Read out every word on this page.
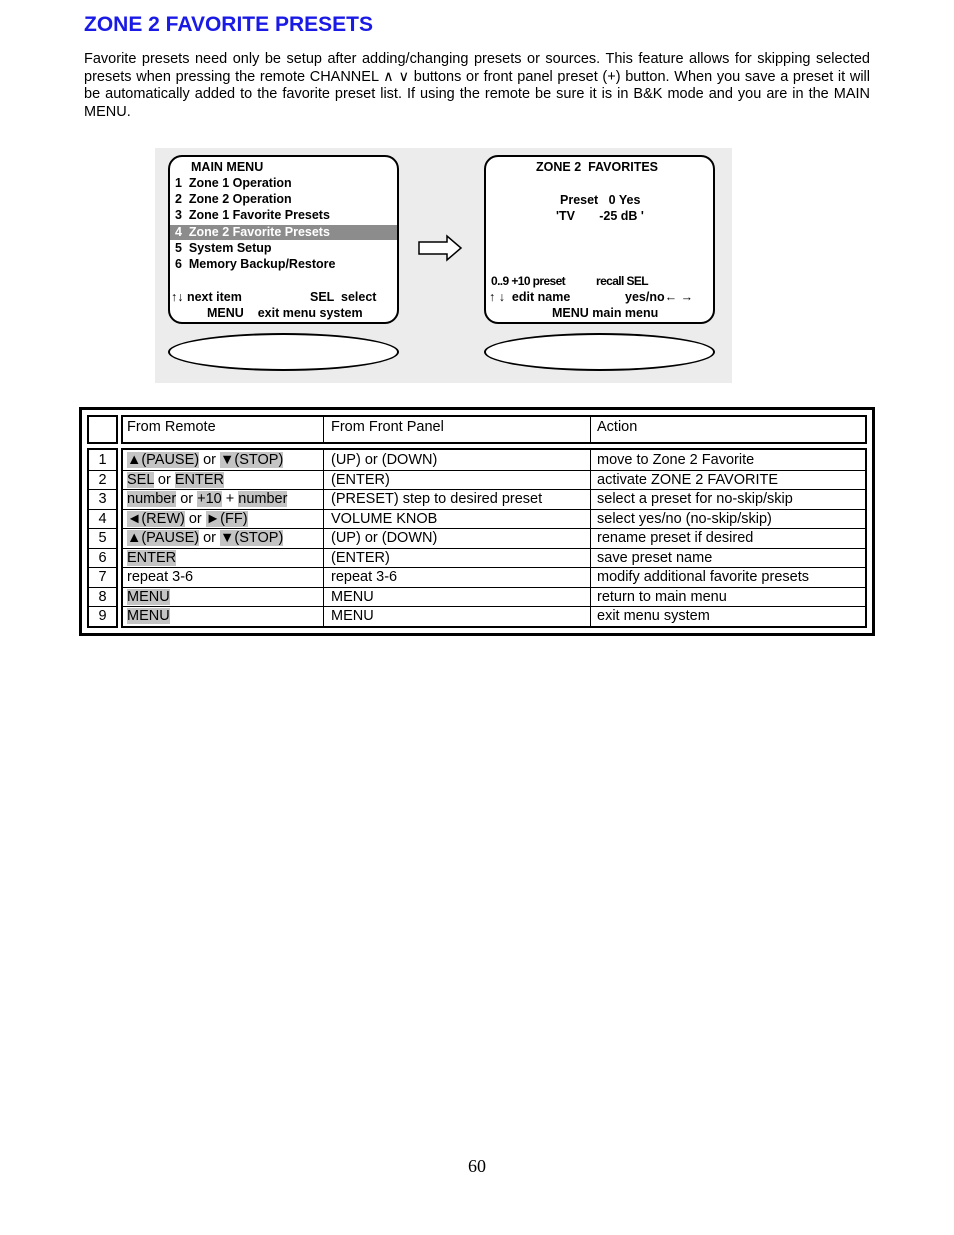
ZONE 2 FAVORITE PRESETS

Favorite presets need only be setup after adding/changing presets or sources. This feature allows for skipping selected presets when pressing the remote CHANNEL ∧ ∨ buttons or front panel preset (+) button. When you save a preset it will be automatically added to the favorite preset list. If using the remote be sure it is in B&K mode and you are in the MAIN MENU.

MAIN MENU
1  Zone 1 Operation
2  Zone 2 Operation
3  Zone 1 Favorite Presets
4  Zone 2 Favorite Presets
5  System Setup
6  Memory Backup/Restore
↑↓ next item	SEL  select
MENU    exit menu system
ZONE 2  FAVORITES
Preset   0 Yes
'TV       -25 dB '
0..9 +10 preset	recall SEL
↑ ↓  edit name	yes/no← →
MENU main menu
From Remote	From Front Panel	Action
1	▲(PAUSE) or ▼(STOP)	(UP) or (DOWN)	move to Zone 2 Favorite
2	SEL or ENTER	(ENTER)	activate ZONE 2 FAVORITE
3	number or +10 + number	(PRESET) step to desired preset	select a preset for no-skip/skip
4	◄(REW) or ►(FF)	VOLUME KNOB	select yes/no (no-skip/skip)
5	▲(PAUSE) or ▼(STOP)	(UP) or (DOWN)	rename preset if desired
6	ENTER	(ENTER)	save preset name
7	repeat 3-6	repeat 3-6	modify additional favorite presets
8	MENU	MENU	return to main menu
9	MENU	MENU	exit menu system
60
